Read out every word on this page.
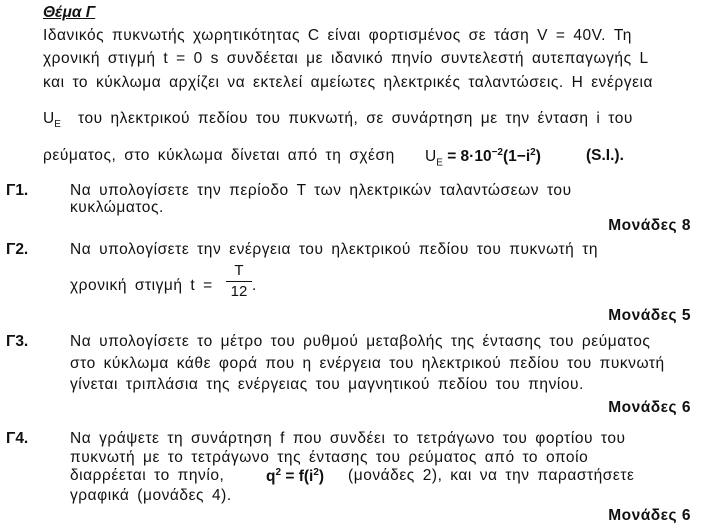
Θέμα Γ
Ιδανικός πυκνωτής χωρητικότητας C είναι φορτισμένος σε τάση V = 40V. Τη
χρονική στιγμή t = 0 s συνδέεται με ιδανικό πηνίο συντελεστή αυτεπαγωγής L
και το κύκλωμα αρχίζει να εκτελεί αμείωτες ηλεκτρικές ταλαντώσεις. Η ενέργεια
$U_E$ του ηλεκτρικού πεδίου του πυκνωτή, σε συνάρτηση με την ένταση i του
ρεύματος, στο κύκλωμα δίνεται από τη σχέση $U_E = 8\cdot 10^{-2}(1-i^2)$	(S.I.).
Γ1.	Να υπολογίσετε την περίοδο T των ηλεκτρικών ταλαντώσεων του
κυκλώματος.
Μονάδες 8
Γ2.	Να υπολογίσετε την ενέργεια του ηλεκτρικού πεδίου του πυκνωτή τη
χρονική στιγμή t =
T
12 .
Μονάδες 5
Γ3.	Να υπολογίσετε το μέτρο του ρυθμού μεταβολής της έντασης του ρεύματος
στο κύκλωμα κάθε φορά που η ενέργεια του ηλεκτρικού πεδίου του πυκνωτή
γίνεται τριπλάσια της ενέργειας του μαγνητικού πεδίου του πηνίου.
Μονάδες 6
Γ4.	Να γράψετε τη συνάρτηση f που συνδέει το τετράγωνο του φορτίου του
πυκνωτή με το τετράγωνο της έντασης του ρεύματος από το οποίο
διαρρέεται το πηνίο,	$q^2 = f(i^2)$ (μονάδες 2), και να την παραστήσετε
γραφικά (μονάδες 4).
Μονάδες 6
